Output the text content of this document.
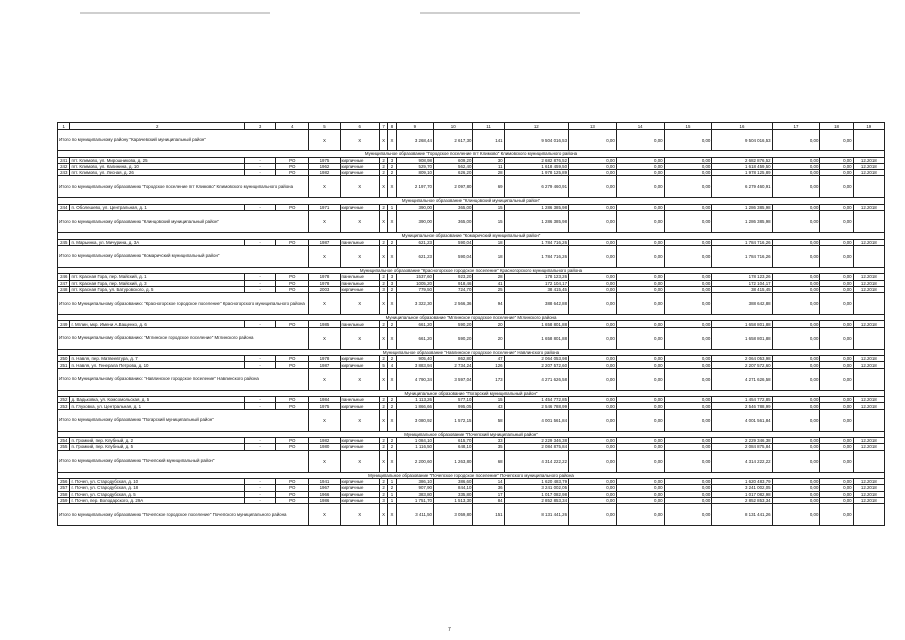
1	2	3	4	5	6	7	8	9	10	11	12	13	14	15	16	17	18	19
Итого по муниципальному району "Карачевский муниципальный район"				X	X	X	X	3 268,44	2 617,30	141	9 504 016,53	0,00	0,00	0,00	9 504 016,53	0,00	0,00	
Муниципальное образование "Городское поселение пгт Климово" Климовского муниципального района																		
241	пгт. Климово, ул. Мирошникова, д. 25	-	РО	1975	кирпичные	2	3	908,98	609,20	30	2 682 876,52	0,00	0,00	0,00	2 682 876,52	0,00	0,00	12.2018
242	пгт. Климово, ул. Калинина, д. 10	-	РО	1962	кирпичные	2	2	529,70	562,40	11	1 618 459,50	0,00	0,00	0,00	1 618 459,50	0,00	0,00	12.2018
243	пгт. Климово, ул. Лесная, д. 26	-	РО	1982	кирпичные	2	2	809,10	626,20	28	1 978 125,89	0,00	0,00	0,00	1 978 125,89	0,00	0,00	12.2018
Итого по муниципальному образованию "Городское поселение пгт Климово" Климовского муниципального района				X	X	X	X	2 197,70	2 097,80	69	6 279 460,91	0,00	0,00	0,00	6 279 460,91	0,00	0,00	
Муниципальное образование "Клинцовский муниципальный район"																		
244	п. Оболешево, ул. Центральная, д. 1	-	РО	1971	кирпичные	2	1	390,00	365,00	15	1 286 385,98	0,00	0,00	0,00	1 286 385,98	0,00	0,00	12.2018
Итого по муниципальному образованию "Клинцовский муниципальный район"				X	X	X	X	390,00	365,00	15	1 286 385,98	0,00	0,00	0,00	1 286 385,98	0,00	0,00	
Муниципальное образование "Комаричский муниципальный район"																		
245	п. Марьинка, ул. Мичурина, д. 3А	-	РО	1987	панельные	2	2	621,23	590,04	18	1 784 716,26	0,00	0,00	0,00	1 784 716,26	0,00	0,00	12.2018
Итого по муниципальному образованию "Комаричский муниципальный район"				X	X	X	X	621,23	590,04	18	1 784 716,26	0,00	0,00	0,00	1 784 716,26	0,00	0,00	
Муниципальное образование "Красногорское городское поселение" Красногорского муниципального района																		
246	пгт. Красная Гора, пер. Майский, д. 1	-	РО	1978	панельные	2	3	1537,60	923,20	28	178 123,26	0,00	0,00	0,00	178 123,26	0,00	0,00	12.2018
247	пгт. Красная Гора, пер. Майский, д. 3	-	РО	1978	панельные	2	3	1005,20	918,46	41	172 104,17	0,00	0,00	0,00	172 104,17	0,00	0,00	12.2018
248	пгт. Красная Гора, ул. Батуровского, д. 5	-	РО	2003	кирпичные	3	2	779,50	724,70	25	38 415,45	0,00	0,00	0,00	38 415,45	0,00	0,00	12.2018
Итого по Муниципальному образованию: "Красногорское городское поселение" Красногорского муниципального района				X	X	X	X	3 322,30	2 566,36	94	388 642,88	0,00	0,00	0,00	388 642,88	0,00	0,00	
Муниципальное образование "Мглинское городское поселение" Мглинского района																		
249	г. Мглин, мкр. Имени А.Ващенко, д. 6	-	РО	1985	панельные	2	2	661,20	590,20	20	1 658 801,88	0,00	0,00	0,00	1 658 801,88	0,00	0,00	12.2018
Итого по Муниципальному образованию: "Мглинское городское поселение" Мглинского района				X	X	X	X	661,20	590,20	20	1 658 801,88	0,00	0,00	0,00	1 658 801,88	0,00	0,00	
Муниципальное образование "Навлинское городское поселение" Навлинского района																		
250	п. Навля, пер. Матвеевтура, д. 7	-	РО	1978	кирпичные	2	2	905,40	862,80	47	2 064 053,98	0,00	0,00	0,00	2 064 053,98	0,00	0,00	12.2018
251	п. Навля, ул. Генерала Петрова, д. 10	-	РО	1987	кирпичные	5	4	3 883,94	2 734,24	126	2 207 572,60	0,00	0,00	0,00	2 207 572,60	0,00	0,00	12.2018
Итого по Муниципальному образованию: "Навлинское городское поселение" Навлинского района				X	X	X	X	4 790,34	3 597,04	173	4 271 626,58	0,00	0,00	0,00	4 271 626,58	0,00	0,00	
Муниципальное образование "Погарский муниципальный район"																		
252	д. Вадьковка, ул. Комсомольская, д. 5	-	РО	1984	панельные	2	2	1 113,26	577,10	15	1 454 772,85	0,00	0,00	0,00	1 454 772,85	0,00	0,00	12.2018
253	п. Глуховка, ул. Центральная, д. 1	-	РО	1975	кирпичные	2	2	1 866,66	995,05	43	2 546 788,99	0,00	0,00	0,00	2 546 788,99	0,00	0,00	12.2018
Итого по муниципальному образованию "Погарский муниципальный район"				X	X	X	X	3 080,92	1 572,15	58	4 001 561,84	0,00	0,00	0,00	4 001 561,84	0,00	0,00	
Муниципальное образование "Почепский муниципальный район"																		
254	п. Громкий, пер. Клубный, д. 2	-	РО	1982	кирпичные	2	2	1 084,10	615,70	33	2 229 346,38	0,00	0,00	0,00	2 229 346,38	0,00	0,00	12.2018
255	п. Громкий, пер. Клубный, д. 5	-	РО	1980	кирпичные	2	2	1 116,50	648,10	35	2 084 875,84	0,00	0,00	0,00	2 084 875,84	0,00	0,00	12.2018
Итого по муниципальному образованию "Почепский муниципальный район"				X	X	X	X	2 200,60	1 263,80	68	4 314 222,22	0,00	0,00	0,00	4 314 222,22	0,00	0,00	
Муниципальное образование "Почепское городское поселение" Почепского муниципального района																		
256	г. Почеп, ул. Стародубская, д. 10	-	РО	1941	кирпичные	2	1	386,10	386,60	14	1 620 483,79	0,00	0,00	0,00	1 620 483,79	0,00	0,00	12.2018
257	г. Почеп, ул. Стародубская, д. 18	-	РО	1967	кирпичные	2	2	907,90	844,10	36	3 241 002,05	0,00	0,00	0,00	3 241 002,05	0,00	0,00	12.2018
258	г. Почеп, ул. Стародубская, д. 5	-	РО	1966	кирпичные	2	1	383,80	335,80	17	1 017 082,98	0,00	0,00	0,00	1 017 082,98	0,00	0,00	12.2018
259	г. Почеп, пер. Володарского, д. 29А	-	РО	1986	кирпичные	3	1	1 751,70	1 513,30	84	2 852 853,34	0,00	0,00	0,00	2 852 853,34	0,00	0,00	12.2018
Итого по муниципальному образованию "Почепское городское поселение" Почепского муниципального района				X	X	X	X	3 411,50	3 059,80	151	8 131 441,26	0,00	0,00	0,00	8 131 441,26	0,00	0,00	
7
